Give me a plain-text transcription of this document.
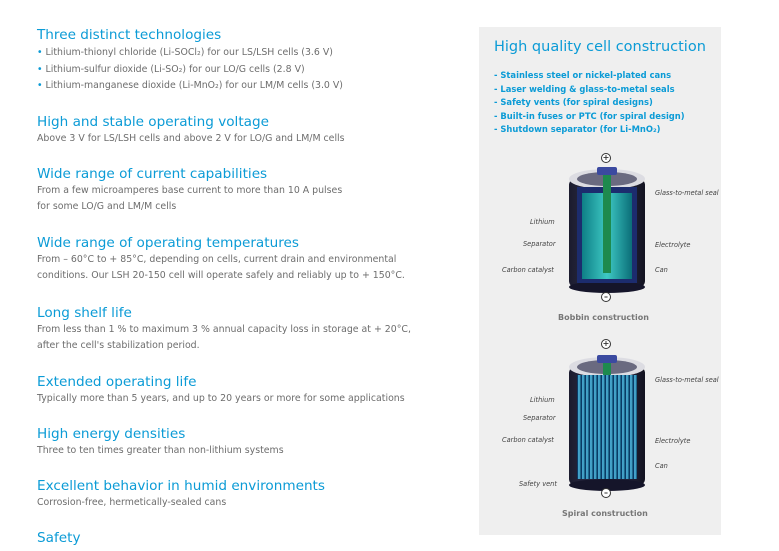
Three distinct technologies
• Lithium-thionyl chloride (Li-SOCl₂) for our LS/LSH cells (3.6 V)
• Lithium-sulfur dioxide (Li-SO₂) for our LO/G cells (2.8 V)
• Lithium-manganese dioxide (Li-MnO₂) for our LM/M cells (3.0 V)
High and stable operating voltage

Above 3 V for LS/LSH cells and above 2 V for LO/G and LM/M cells

Wide range of current capabilities

From a few microamperes base current to more than 10 A pulses

for some LO/G and LM/M cells

Wide range of operating temperatures

From – 60°C to + 85°C, depending on cells, current drain and environmental

conditions. Our LSH 20-150 cell will operate safely and reliably up to + 150°C.

Long shelf life

From less than 1 % to maximum 3 % annual capacity loss in storage at + 20°C,

after the cell's stabilization period.

Extended operating life

Typically more than 5 years, and up to 20 years or more for some applications

High energy densities

Three to ten times greater than non-lithium systems

Excellent behavior in humid environments

Corrosion-free, hermetically-sealed cans

Safety
High quality cell construction
- Stainless steel or nickel-plated cans
- Laser welding & glass-to-metal seals
- Safety vents (for spiral designs)
- Built-in fuses or PTC (for spiral design)
- Shutdown separator (for Li-MnO₂)
+
–
Glass-to-metal seal
Lithium
Separator	Electrolyte
Carbon catalyst	Can
Bobbin construction
+
–
Glass-to-metal seal
Lithium
Separator
Carbon catalyst	Electrolyte
Can
Safety vent
Spiral construction
